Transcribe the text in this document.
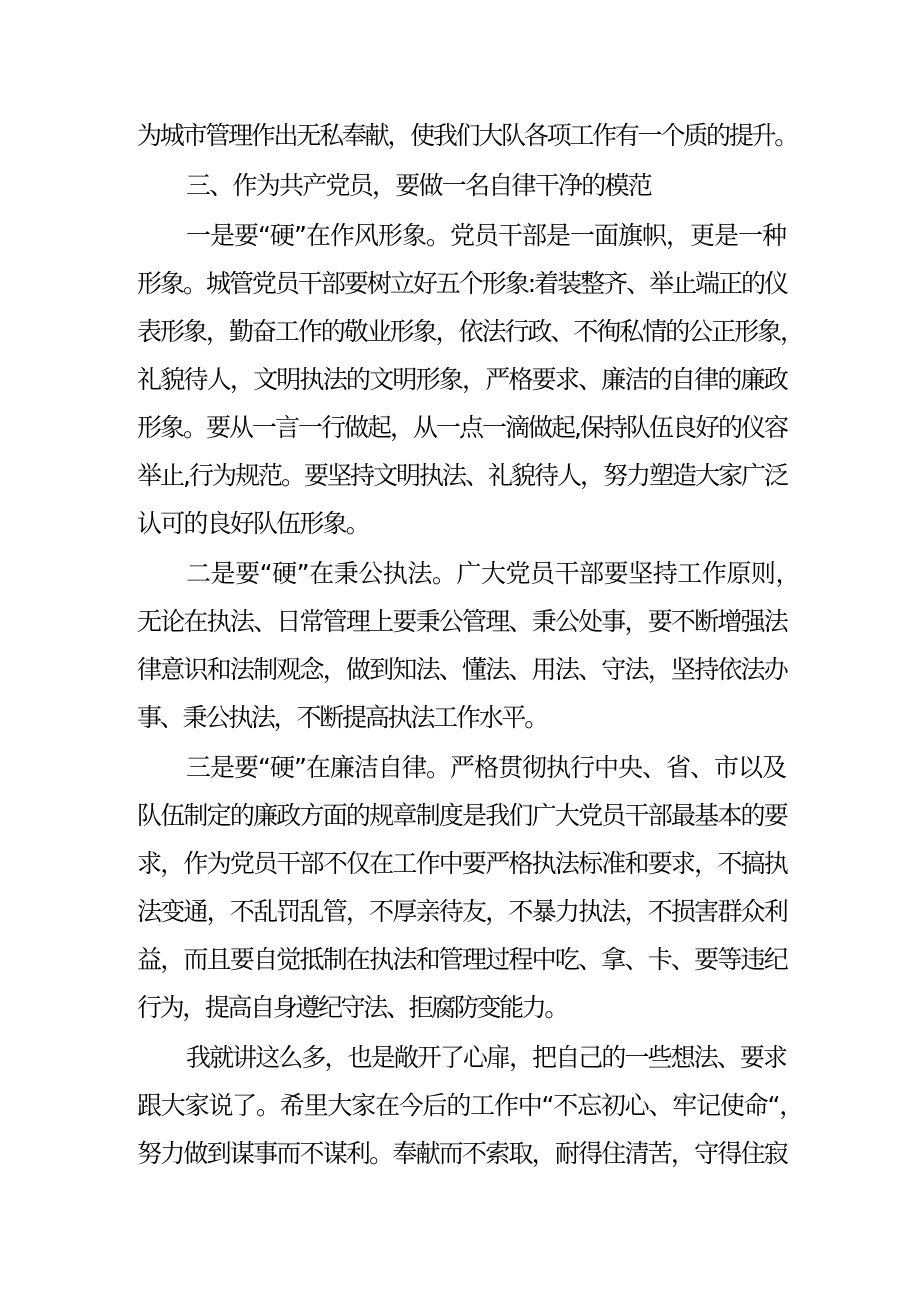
为城市管理作出无私奉献，使我们大队各项工作有一个质的提升。
三、作为共产党员，要做一名自律干净的模范
一是要“硬”在作风形象。党员干部是一面旗帜，更是一种
形象。城管党员干部要树立好五个形象:着装整齐、举止端正的仪
表形象，勤奋工作的敬业形象，依法行政、不徇私情的公正形象，
礼貌待人，文明执法的文明形象，严格要求、廉洁的自律的廉政
形象。要从一言一行做起，从一点一滴做起,保持队伍良好的仪容
举止,行为规范。要坚持文明执法、礼貌待人，努力塑造大家广泛
认可的良好队伍形象。
二是要“硬”在秉公执法。广大党员干部要坚持工作原则，
无论在执法、日常管理上要秉公管理、秉公处事，要不断增强法
律意识和法制观念，做到知法、懂法、用法、守法，坚持依法办
事、秉公执法，不断提高执法工作水平。
三是要“硬”在廉洁自律。严格贯彻执行中央、省、市以及
队伍制定的廉政方面的规章制度是我们广大党员干部最基本的要
求，作为党员干部不仅在工作中要严格执法标准和要求，不搞执
法变通，不乱罚乱管，不厚亲待友，不暴力执法，不损害群众利
益，而且要自觉抵制在执法和管理过程中吃、拿、卡、要等违纪
行为，提高自身遵纪守法、拒腐防变能力。
我就讲这么多，也是敞开了心扉，把自己的一些想法、要求
跟大家说了。希里大家在今后的工作中“不忘初心、牢记使命“，
努力做到谋事而不谋利。奉献而不索取，耐得住清苦，守得住寂
